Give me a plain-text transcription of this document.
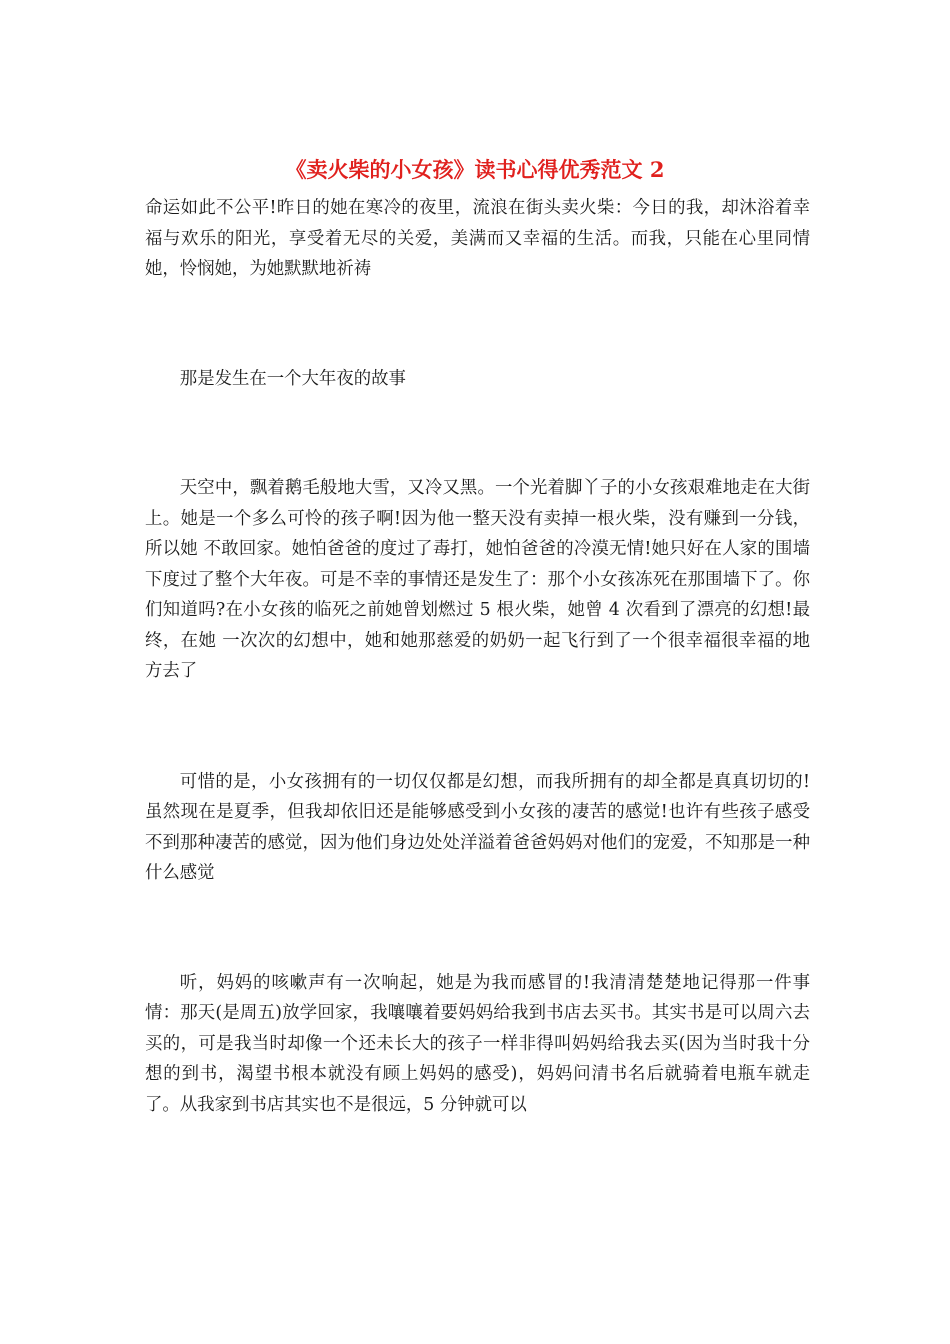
《卖火柴的小女孩》读书心得优秀范文 2

命运如此不公平!昨日的她在寒冷的夜里，流浪在街头卖火柴：今日的我，却沐浴着幸福与欢乐的阳光，享受着无尽的关爱，美满而又幸福的生活。而我，只能在心里同情她，怜悯她，为她默默地祈祷

那是发生在一个大年夜的故事

天空中，飘着鹅毛般地大雪，又冷又黑。一个光着脚丫子的小女孩艰难地走在大街上。她是一个多么可怜的孩子啊!因为他一整天没有卖掉一根火柴，没有赚到一分钱，所以她 不敢回家。她怕爸爸的度过了毒打，她怕爸爸的冷漠无情!她只好在人家的围墙下度过了整个大年夜。可是不幸的事情还是发生了：那个小女孩冻死在那围墙下了。你们知道吗?在小女孩的临死之前她曾划燃过 5 根火柴，她曾 4 次看到了漂亮的幻想!最终，在她 一次次的幻想中，她和她那慈爱的奶奶一起飞行到了一个很幸福很幸福的地方去了

可惜的是，小女孩拥有的一切仅仅都是幻想，而我所拥有的却全都是真真切切的!虽然现在是夏季，但我却依旧还是能够感受到小女孩的凄苦的感觉!也许有些孩子感受不到那种凄苦的感觉，因为他们身边处处洋溢着爸爸妈妈对他们的宠爱，不知那是一种什么感觉

听，妈妈的咳嗽声有一次响起，她是为我而感冒的!我清清楚楚地记得那一件事情：那天(是周五)放学回家，我嚷嚷着要妈妈给我到书店去买书。其实书是可以周六去买的，可是我当时却像一个还未长大的孩子一样非得叫妈妈给我去买(因为当时我十分想的到书，渴望书根本就没有顾上妈妈的感受)，妈妈问清书名后就骑着电瓶车就走了。从我家到书店其实也不是很远，5 分钟就可以
